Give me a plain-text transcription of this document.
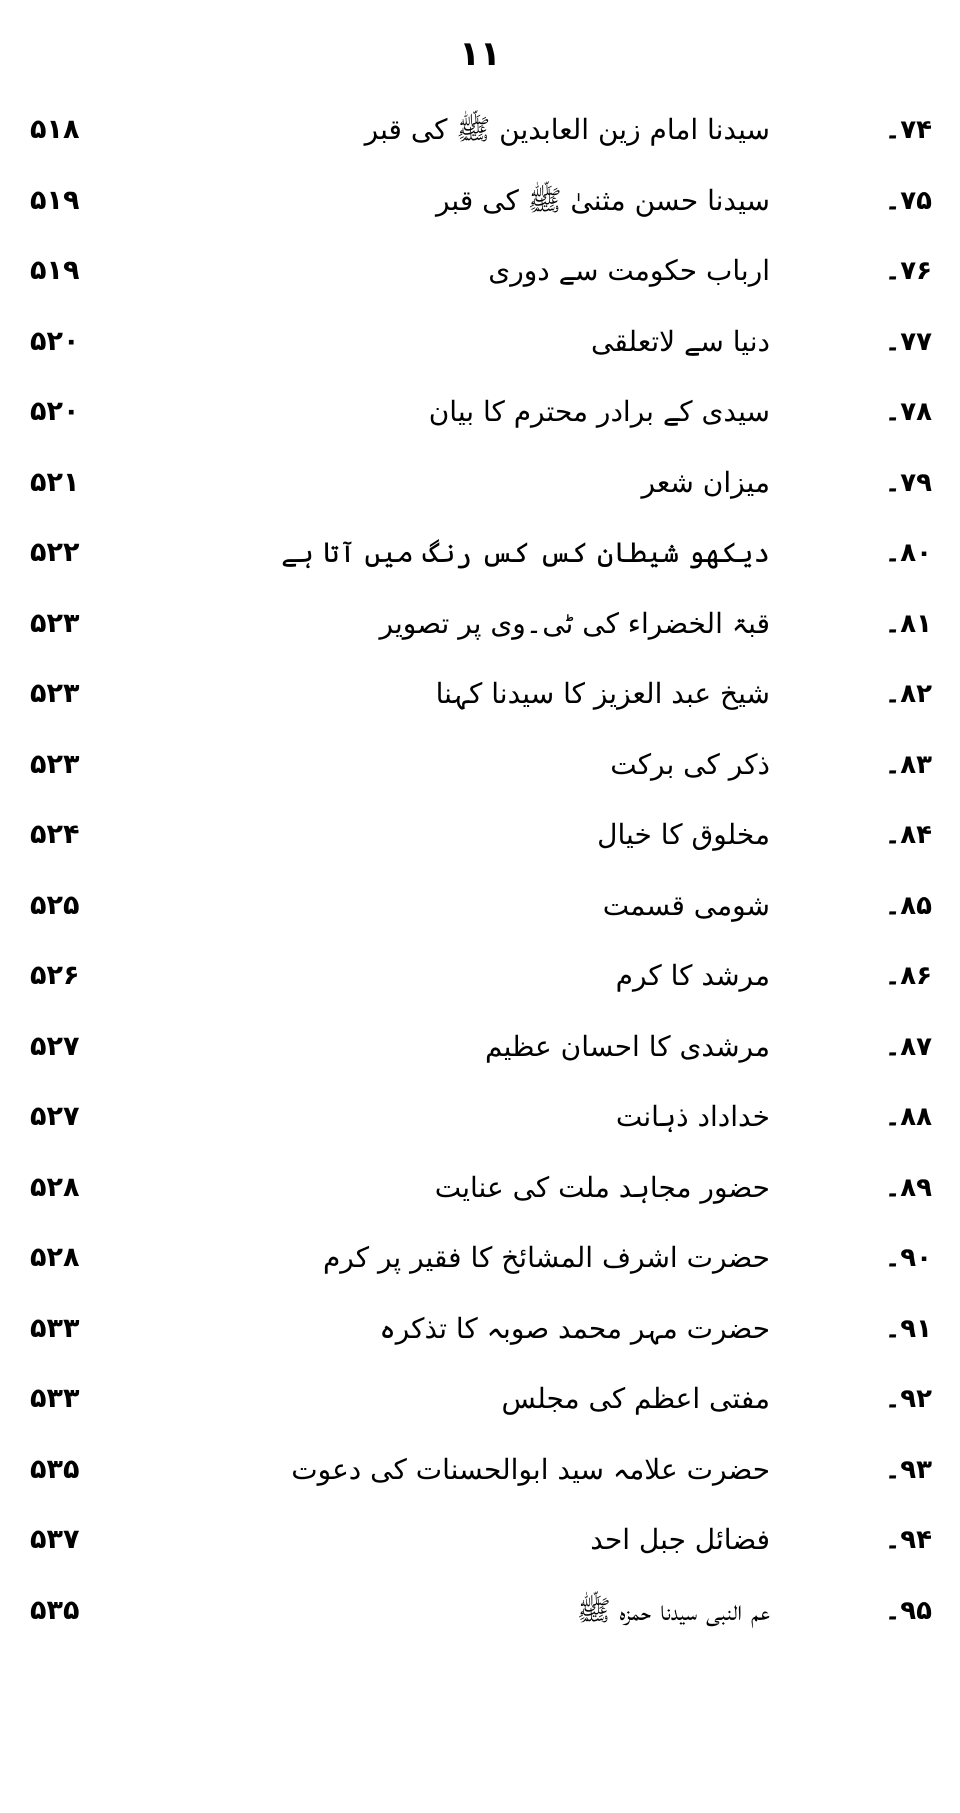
۱۱
۵۱۸	سیدنا امام زین العابدین ﷺ کی قبر	۷۴۔
۵۱۹	سیدنا حسن مثنیٰ ﷺ کی قبر	۷۵۔
۵۱۹	ارباب حکومت سے دوری	۷۶۔
۵۲۰	دنیا سے لاتعلقی	۷۷۔
۵۲۰	سیدی کے برادر محترم کا بیان	۷۸۔
۵۲۱	میزان شعر	۷۹۔
۵۲۲	دیکھو شیطان کس کس رنگ میں آتا ہے	۸۰۔
۵۲۳	قبۃ الخضراء کی ٹی۔وی پر تصویر	۸۱۔
۵۲۳	شیخ عبد العزیز کا سیدنا کہنا	۸۲۔
۵۲۳	ذکر کی برکت	۸۳۔
۵۲۴	مخلوق کا خیال	۸۴۔
۵۲۵	شومی قسمت	۸۵۔
۵۲۶	مرشد کا کرم	۸۶۔
۵۲۷	مرشدی کا احسان عظیم	۸۷۔
۵۲۷	خداداد ذہانت	۸۸۔
۵۲۸	حضور مجاہد ملت کی عنایت	۸۹۔
۵۲۸	حضرت اشرف المشائخ کا فقیر پر کرم	۹۰۔
۵۳۳	حضرت مہر محمد صوبہ کا تذکرہ	۹۱۔
۵۳۳	مفتی اعظم کی مجلس	۹۲۔
۵۳۵	حضرت علامہ سید ابوالحسنات کی دعوت	۹۳۔
۵۳۷	فضائل جبل احد	۹۴۔
۵۳۵	عم النبی سیدنا حمزہ ﷺ	۹۵۔
